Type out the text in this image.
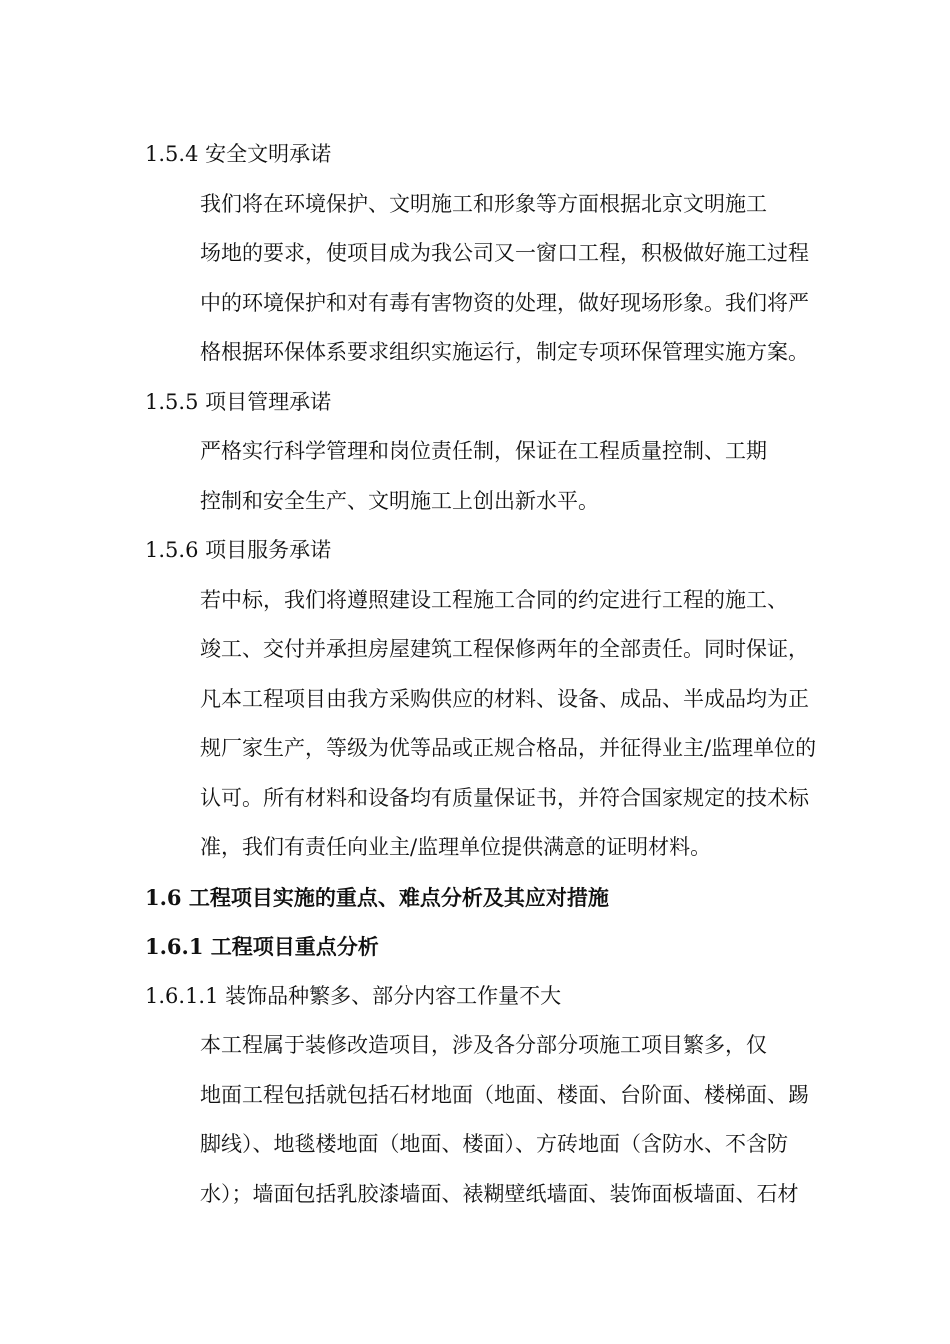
1.5.4 安全文明承诺
我们将在环境保护、文明施工和形象等方面根据北京文明施工
场地的要求，使项目成为我公司又一窗口工程，积极做好施工过程
中的环境保护和对有毒有害物资的处理，做好现场形象。我们将严
格根据环保体系要求组织实施运行，制定专项环保管理实施方案。
1.5.5 项目管理承诺
严格实行科学管理和岗位责任制，保证在工程质量控制、工期
控制和安全生产、文明施工上创出新水平。
1.5.6 项目服务承诺
若中标，我们将遵照建设工程施工合同的约定进行工程的施工、
竣工、交付并承担房屋建筑工程保修两年的全部责任。同时保证，
凡本工程项目由我方采购供应的材料、设备、成品、半成品均为正
规厂家生产，等级为优等品或正规合格品，并征得业主/监理单位的
认可。所有材料和设备均有质量保证书，并符合国家规定的技术标
准，我们有责任向业主/监理单位提供满意的证明材料。
1.6 工程项目实施的重点、难点分析及其应对措施
1.6.1 工程项目重点分析
1.6.1.1 装饰品种繁多、部分内容工作量不大
本工程属于装修改造项目，涉及各分部分项施工项目繁多，仅
地面工程包括就包括石材地面（地面、楼面、台阶面、楼梯面、踢
脚线）、地毯楼地面（地面、楼面）、方砖地面（含防水、不含防
水）；墙面包括乳胶漆墙面、裱糊壁纸墙面、装饰面板墙面、石材
